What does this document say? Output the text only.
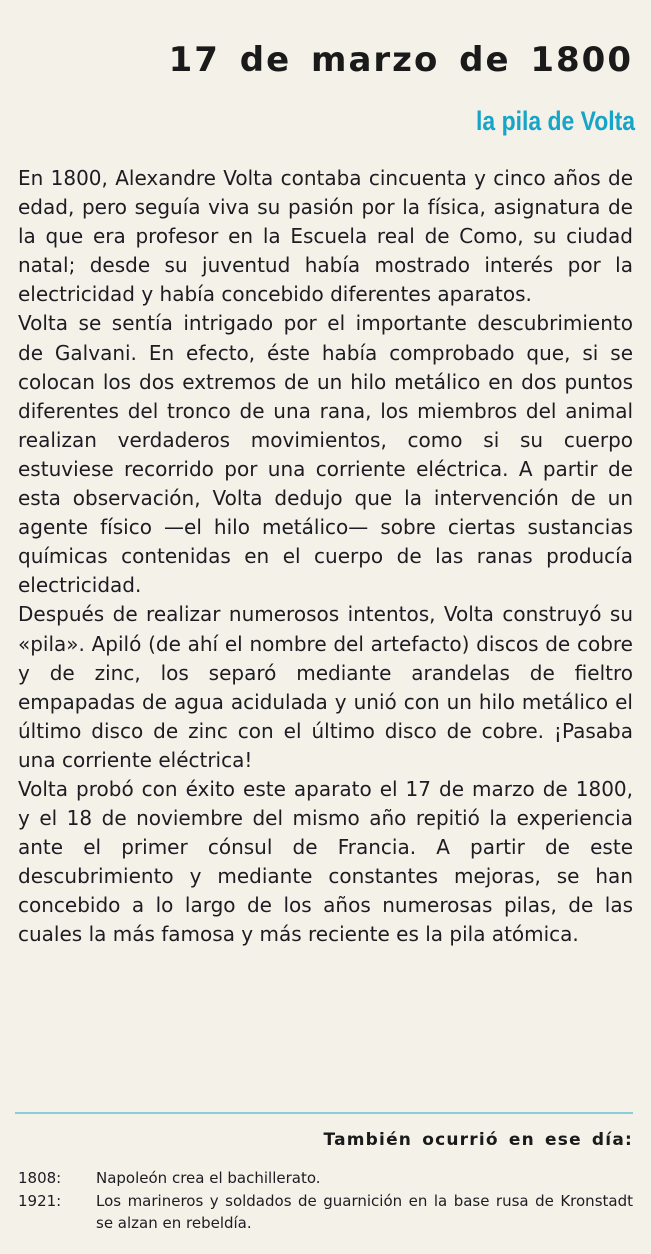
17 de marzo de 1800
la pila de Volta

En 1800, Alexandre Volta contaba cincuenta y cinco años de edad, pero seguía viva su pasión por la física, asignatura de la que era profesor en la Escuela real de Como, su ciudad natal; desde su juventud había mostrado interés por la electricidad y había concebido diferentes aparatos.

Volta se sentía intrigado por el importante descubrimiento de Galvani. En efecto, éste había comprobado que, si se colocan los dos extremos de un hilo metálico en dos puntos diferentes del tronco de una rana, los miembros del animal realizan verdaderos movimientos, como si su cuerpo estuviese recorrido por una corriente eléctrica. A partir de esta observación, Volta dedujo que la intervención de un agente físico —el hilo metálico— sobre ciertas sustancias químicas contenidas en el cuerpo de las ranas producía electricidad.

Después de realizar numerosos intentos, Volta construyó su «pila». Apiló (de ahí el nombre del artefacto) discos de cobre y de zinc, los separó mediante arandelas de fieltro empapadas de agua acidulada y unió con un hilo metálico el último disco de zinc con el último disco de cobre. ¡Pasaba una corriente eléctrica!

Volta probó con éxito este aparato el 17 de marzo de 1800, y el 18 de noviembre del mismo año repitió la experiencia ante el primer cónsul de Francia. A partir de este descubrimiento y mediante constantes mejoras, se han concebido a lo largo de los años numerosas pilas, de las cuales la más famosa y más reciente es la pila atómica.

También ocurrió en ese día:
1808:	Napoleón crea el bachillerato.
1921:	Los marineros y soldados de guarnición en la base rusa de Kronstadt se alzan en rebeldía.
